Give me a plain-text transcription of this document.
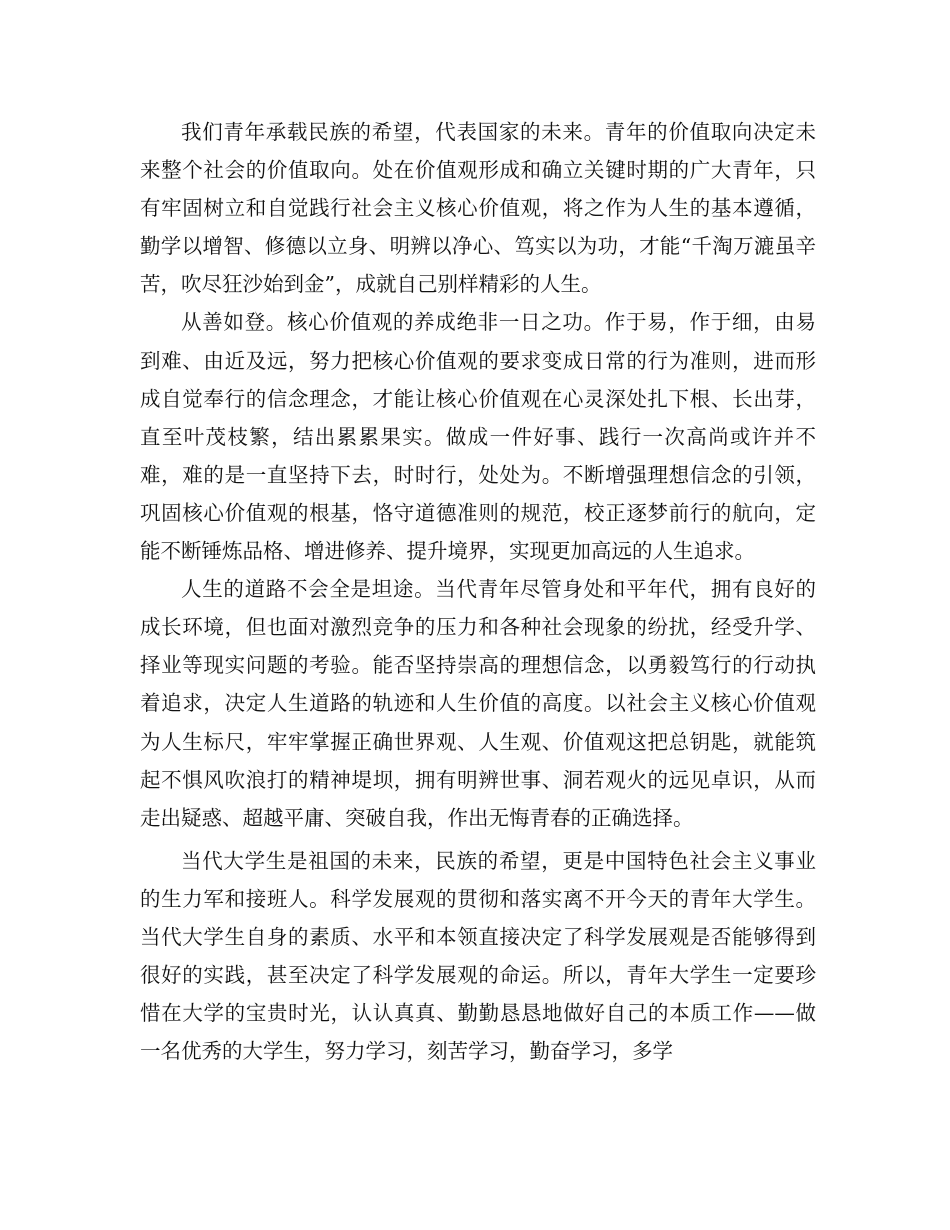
我们青年承载民族的希望，代表国家的未来。青年的价值取向决定未来整个社会的价值取向。处在价值观形成和确立关键时期的广大青年，只有牢固树立和自觉践行社会主义核心价值观，将之作为人生的基本遵循，勤学以增智、修德以立身、明辨以净心、笃实以为功，才能“千淘万漉虽辛苦，吹尽狂沙始到金”，成就自己别样精彩的人生。

从善如登。核心价值观的养成绝非一日之功。作于易，作于细，由易到难、由近及远，努力把核心价值观的要求变成日常的行为准则，进而形成自觉奉行的信念理念，才能让核心价值观在心灵深处扎下根、长出芽，直至叶茂枝繁，结出累累果实。做成一件好事、践行一次高尚或许并不难，难的是一直坚持下去，时时行，处处为。不断增强理想信念的引领，巩固核心价值观的根基，恪守道德准则的规范，校正逐梦前行的航向，定能不断锤炼品格、增进修养、提升境界，实现更加高远的人生追求。

人生的道路不会全是坦途。当代青年尽管身处和平年代，拥有良好的成长环境，但也面对激烈竞争的压力和各种社会现象的纷扰，经受升学、择业等现实问题的考验。能否坚持崇高的理想信念，以勇毅笃行的行动执着追求，决定人生道路的轨迹和人生价值的高度。以社会主义核心价值观为人生标尺，牢牢掌握正确世界观、人生观、价值观这把总钥匙，就能筑起不惧风吹浪打的精神堤坝，拥有明辨世事、洞若观火的远见卓识，从而走出疑惑、超越平庸、突破自我，作出无悔青春的正确选择。

当代大学生是祖国的未来，民族的希望，更是中国特色社会主义事业的生力军和接班人。科学发展观的贯彻和落实离不开今天的青年大学生。当代大学生自身的素质、水平和本领直接决定了科学发展观是否能够得到很好的实践，甚至决定了科学发展观的命运。所以，青年大学生一定要珍惜在大学的宝贵时光，认认真真、勤勤恳恳地做好自己的本质工作——做一名优秀的大学生，努力学习，刻苦学习，勤奋学习，多学
